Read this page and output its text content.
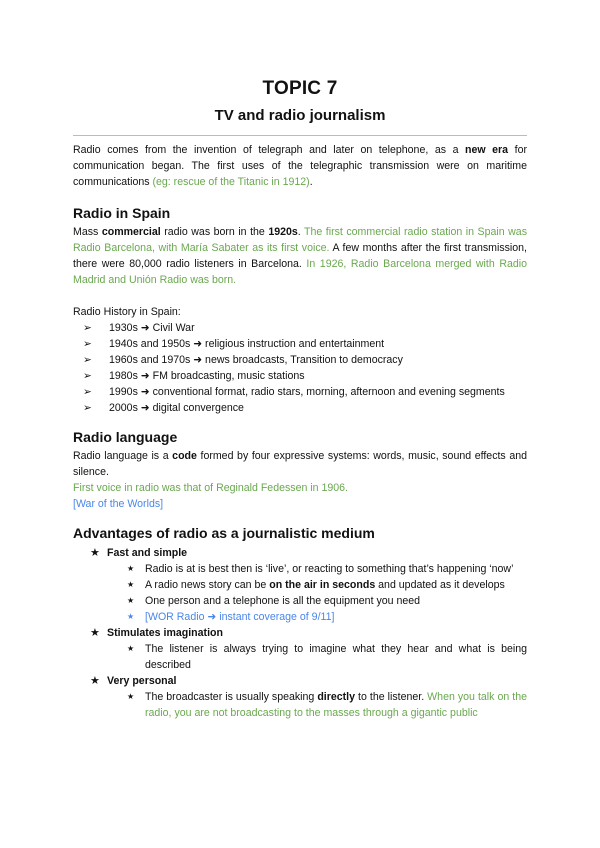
TOPIC 7
TV and radio journalism

Radio comes from the invention of telegraph and later on telephone, as a new era for communication began. The first uses of the telegraphic transmission were on maritime communications (eg: rescue of the Titanic in 1912).

Radio in Spain

Mass commercial radio was born in the 1920s. The first commercial radio station in Spain was Radio Barcelona, with María Sabater as its first voice. A few months after the first transmission, there were 80,000 radio listeners in Barcelona. In 1926, Radio Barcelona merged with Radio Madrid and Unión Radio was born.

Radio History in Spain:

➢ 1930s ➜ Civil War
➢ 1940s and 1950s ➜ religious instruction and entertainment
➢ 1960s and 1970s ➜ news broadcasts, Transition to democracy
➢ 1980s ➜ FM broadcasting, music stations
➢ 1990s ➜ conventional format, radio stars, morning, afternoon and evening segments
➢ 2000s ➜ digital convergence
Radio language

Radio language is a code formed by four expressive systems: words, music, sound effects and silence.

First voice in radio was that of Reginald Fedessen in 1906.

[War of the Worlds]

Advantages of radio as a journalistic medium
★ Fast and simple
★ Radio is at is best then is ‘live’, or reacting to something that’s happening ‘now’
★ A radio news story can be on the air in seconds and updated as it develops
★ One person and a telephone is all the equipment you need
★ [WOR Radio ➜ instant coverage of 9/11]
★ Stimulates imagination
★ The listener is always trying to imagine what they hear and what is being described
★ Very personal
★ The broadcaster is usually speaking directly to the listener. When you talk on the radio, you are not broadcasting to the masses through a gigantic public
